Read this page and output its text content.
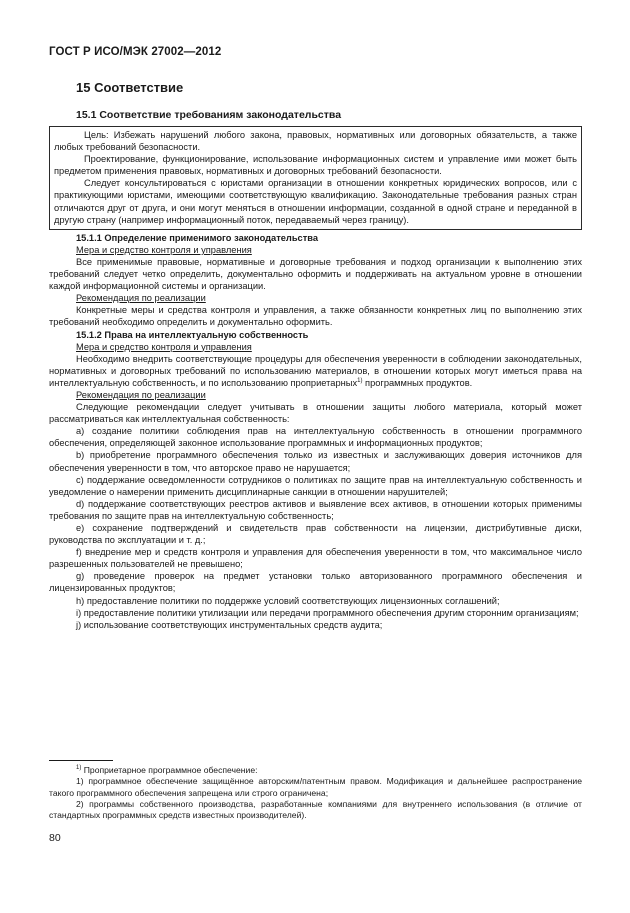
ГОСТ Р ИСО/МЭК 27002—2012
15 Соответствие
15.1 Соответствие требованиям законодательства

Цель: Избежать нарушений любого закона, правовых, нормативных или договорных обязательств, а также любых требований безопасности.

Проектирование, функционирование, использование информационных систем и управление ими может быть предметом применения правовых, нормативных и договорных требований безопасности.

Следует консультироваться с юристами организации в отношении конкретных юридических вопросов, или с практикующими юристами, имеющими соответствующую квалификацию. Законодательные требования разных стран отличаются друг от друга, и они могут меняться в отношении информации, созданной в одной стране и переданной в другую страну (например информационный поток, передаваемый через границу).

15.1.1 Определение применимого законодательства

Мера и средство контроля и управления

Все применимые правовые, нормативные и договорные требования и подход организации к выполнению этих требований следует четко определить, документально оформить и поддерживать на актуальном уровне в отношении каждой информационной системы и организации.

Рекомендация по реализации

Конкретные меры и средства контроля и управления, а также обязанности конкретных лиц по выполнению этих требований необходимо определить и документально оформить.

15.1.2 Права на интеллектуальную собственность

Мера и средство контроля и управления

Необходимо внедрить соответствующие процедуры для обеспечения уверенности в соблюдении законодательных, нормативных и договорных требований по использованию материалов, в отношении которых могут иметься права на интеллектуальную собственность, и по использованию проприетарных$^{1)}$ программных продуктов.

Рекомендация по реализации

Следующие рекомендации следует учитывать в отношении защиты любого материала, который может рассматриваться как интеллектуальная собственность:

a) создание политики соблюдения прав на интеллектуальную собственность в отношении программного обеспечения, определяющей законное использование программных и информационных продуктов;

b) приобретение программного обеспечения только из известных и заслуживающих доверия источников для обеспечения уверенности в том, что авторское право не нарушается;

c) поддержание осведомленности сотрудников о политиках по защите прав на интеллектуальную собственность и уведомление о намерении применить дисциплинарные санкции в отношении нарушителей;

d) поддержание соответствующих реестров активов и выявление всех активов, в отношении которых применимы требования по защите прав на интеллектуальную собственность;

e) сохранение подтверждений и свидетельств прав собственности на лицензии, дистрибутивные диски, руководства по эксплуатации и т. д.;

f) внедрение мер и средств контроля и управления для обеспечения уверенности в том, что максимальное число разрешенных пользователей не превышено;

g) проведение проверок на предмет установки только авторизованного программного обеспечения и лицензированных продуктов;

h) предоставление политики по поддержке условий соответствующих лицензионных соглашений;

i) предоставление политики утилизации или передачи программного обеспечения другим сторонним организациям;

j) использование соответствующих инструментальных средств аудита;

$^{1)}$ Проприетарное программное обеспечение:

1) программное обеспечение защищённое авторским/патентным правом. Модификация и дальнейшее распространение такого программного обеспечения запрещена или строго ограничена;

2) программы собственного производства, разработанные компаниями для внутреннего использования (в отличие от стандартных программных средств известных производителей).

80
